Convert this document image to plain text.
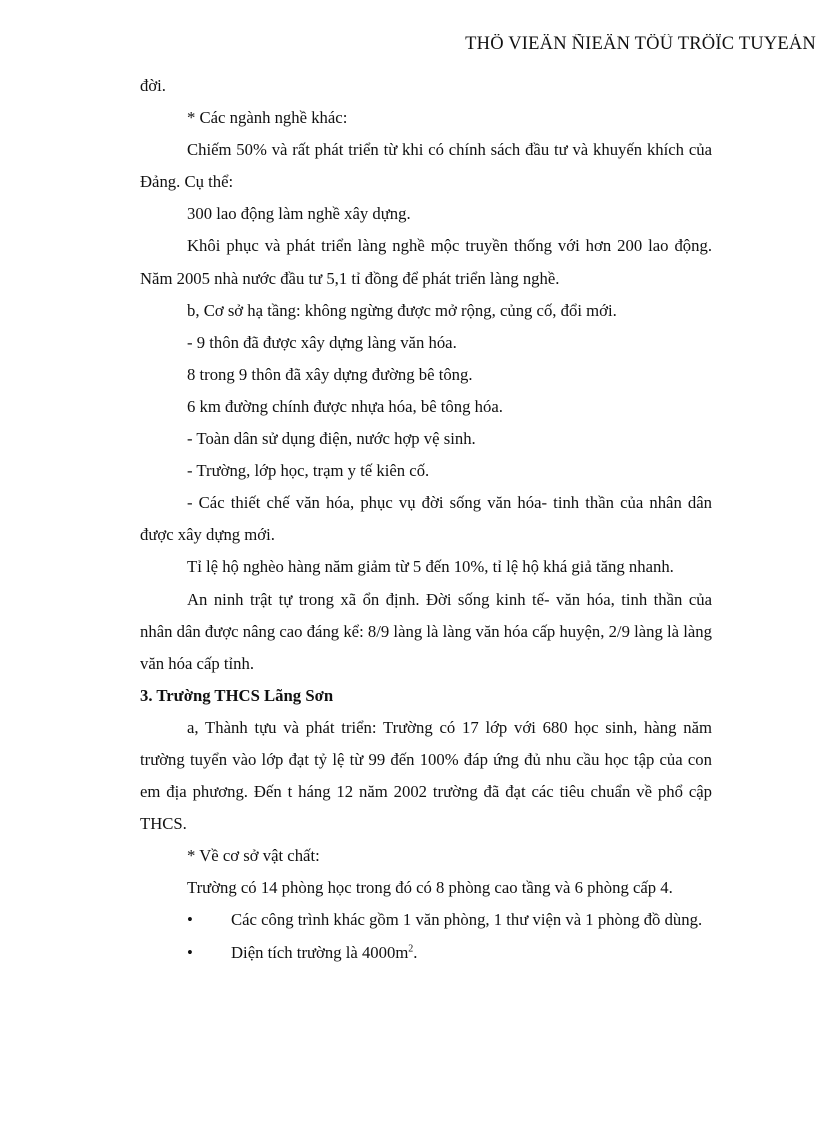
THÖ VIEÄN ÑIEÄN TÖÛ TRÖÏC TUYEÁN

đời.

* Các ngành nghề khác:

Chiếm 50% và rất phát triển từ khi có chính sách đầu tư và khuyến khích của Đảng. Cụ thể:

300 lao động làm nghề xây dựng.

Khôi phục và phát triển làng nghề mộc truyền thống với hơn 200 lao động. Năm 2005 nhà nước đầu tư 5,1 tỉ đồng để phát triển làng nghề.

b, Cơ sở hạ tầng: không ngừng được mở rộng, củng cố, đổi mới.

- 9 thôn đã được xây dựng làng văn hóa.

8 trong 9 thôn đã xây dựng đường bê tông.

6 km đường chính được nhựa hóa, bê tông hóa.

- Toàn dân sử dụng điện, nước hợp vệ sinh.

- Trường, lớp học, trạm y tế kiên cố.

- Các thiết chế văn hóa, phục vụ đời sống văn hóa- tinh thần của nhân dân được xây dựng mới.

Tỉ lệ hộ nghèo hàng năm giảm từ 5 đến 10%, tỉ lệ hộ khá giả tăng nhanh.

An ninh trật tự trong xã ổn định. Đời sống kinh tế- văn hóa, tinh thần của nhân dân được nâng cao đáng kể: 8/9 làng là làng văn hóa cấp huyện, 2/9 làng là làng văn hóa cấp tỉnh.

3. Trường THCS Lãng Sơn

a, Thành tựu và phát triển: Trường có 17 lớp với 680 học sinh, hàng năm trường tuyển vào lớp đạt tỷ lệ từ 99 đến 100% đáp ứng đủ nhu cầu học tập của con em địa phương. Đến t háng 12 năm 2002 trường đã đạt các tiêu chuẩn về phổ cập THCS.

* Về cơ sở vật chất:

Trường có 14 phòng học trong đó có 8 phòng cao tầng và 6 phòng cấp 4.

•	Các công trình khác gồm 1 văn phòng, 1 thư viện và 1 phòng đồ dùng.

•	Diện tích trường là $4000m^2$.
